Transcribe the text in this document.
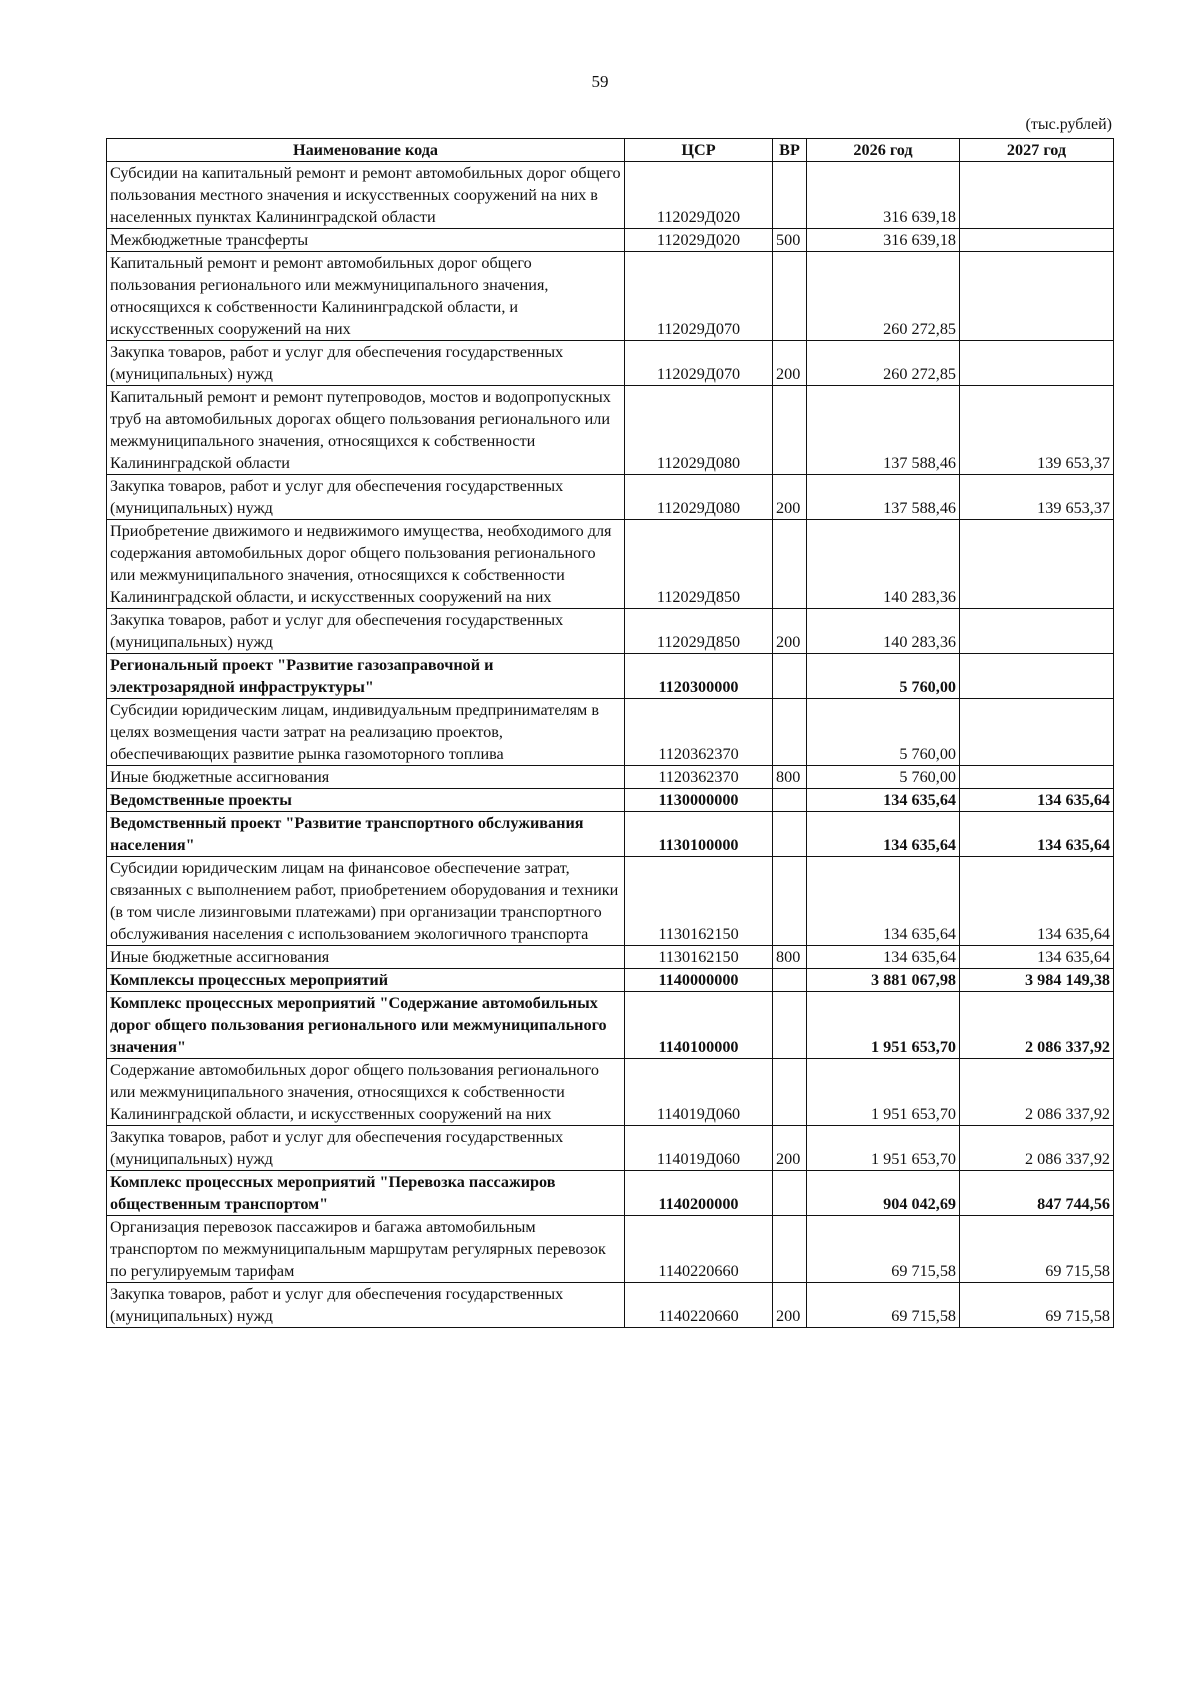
59
(тыс.рублей)
Наименование кода	ЦСР	ВР	2026 год	2027 год
Субсидии на капитальный ремонт и ремонт автомобильных дорог общего пользования местного значения и искусственных сооружений на них в населенных пунктах Калининградской области	112029Д020		316 639,18	
Межбюджетные трансферты	112029Д020	500	316 639,18	
Капитальный ремонт и ремонт автомобильных дорог общего пользования регионального или межмуниципального значения, относящихся к собственности Калининградской области, и искусственных сооружений на них	112029Д070		260 272,85	
Закупка товаров, работ и услуг для обеспечения государственных (муниципальных) нужд	112029Д070	200	260 272,85	
Капитальный ремонт и ремонт путепроводов, мостов и водопропускных труб на автомобильных дорогах общего пользования регионального или межмуниципального значения, относящихся к собственности Калининградской области	112029Д080		137 588,46	139 653,37
Закупка товаров, работ и услуг для обеспечения государственных (муниципальных) нужд	112029Д080	200	137 588,46	139 653,37
Приобретение движимого и недвижимого имущества, необходимого для содержания автомобильных дорог общего пользования регионального или межмуниципального значения, относящихся к собственности Калининградской области, и искусственных сооружений на них	112029Д850		140 283,36	
Закупка товаров, работ и услуг для обеспечения государственных (муниципальных) нужд	112029Д850	200	140 283,36	
Региональный проект "Развитие газозаправочной и электрозарядной инфраструктуры"	1120300000		5 760,00	
Субсидии юридическим лицам, индивидуальным предпринимателям в целях возмещения части затрат на реализацию проектов, обеспечивающих развитие рынка газомоторного топлива	1120362370		5 760,00	
Иные бюджетные ассигнования	1120362370	800	5 760,00	
Ведомственные проекты	1130000000		134 635,64	134 635,64
Ведомственный проект "Развитие транспортного обслуживания населения"	1130100000		134 635,64	134 635,64
Субсидии юридическим лицам на финансовое обеспечение затрат, связанных с выполнением работ, приобретением оборудования и техники (в том числе лизинговыми платежами) при организации транспортного обслуживания населения с использованием экологичного транспорта	1130162150		134 635,64	134 635,64
Иные бюджетные ассигнования	1130162150	800	134 635,64	134 635,64
Комплексы процессных мероприятий	1140000000		3 881 067,98	3 984 149,38
Комплекс процессных мероприятий "Содержание автомобильных дорог общего пользования регионального или межмуниципального значения"	1140100000		1 951 653,70	2 086 337,92
Содержание автомобильных дорог общего пользования регионального или межмуниципального значения, относящихся к собственности Калининградской области, и искусственных сооружений на них	114019Д060		1 951 653,70	2 086 337,92
Закупка товаров, работ и услуг для обеспечения государственных (муниципальных) нужд	114019Д060	200	1 951 653,70	2 086 337,92
Комплекс процессных мероприятий "Перевозка пассажиров общественным транспортом"	1140200000		904 042,69	847 744,56
Организация перевозок пассажиров и багажа автомобильным транспортом по межмуниципальным маршрутам регулярных перевозок по регулируемым тарифам	1140220660		69 715,58	69 715,58
Закупка товаров, работ и услуг для обеспечения государственных (муниципальных) нужд	1140220660	200	69 715,58	69 715,58
